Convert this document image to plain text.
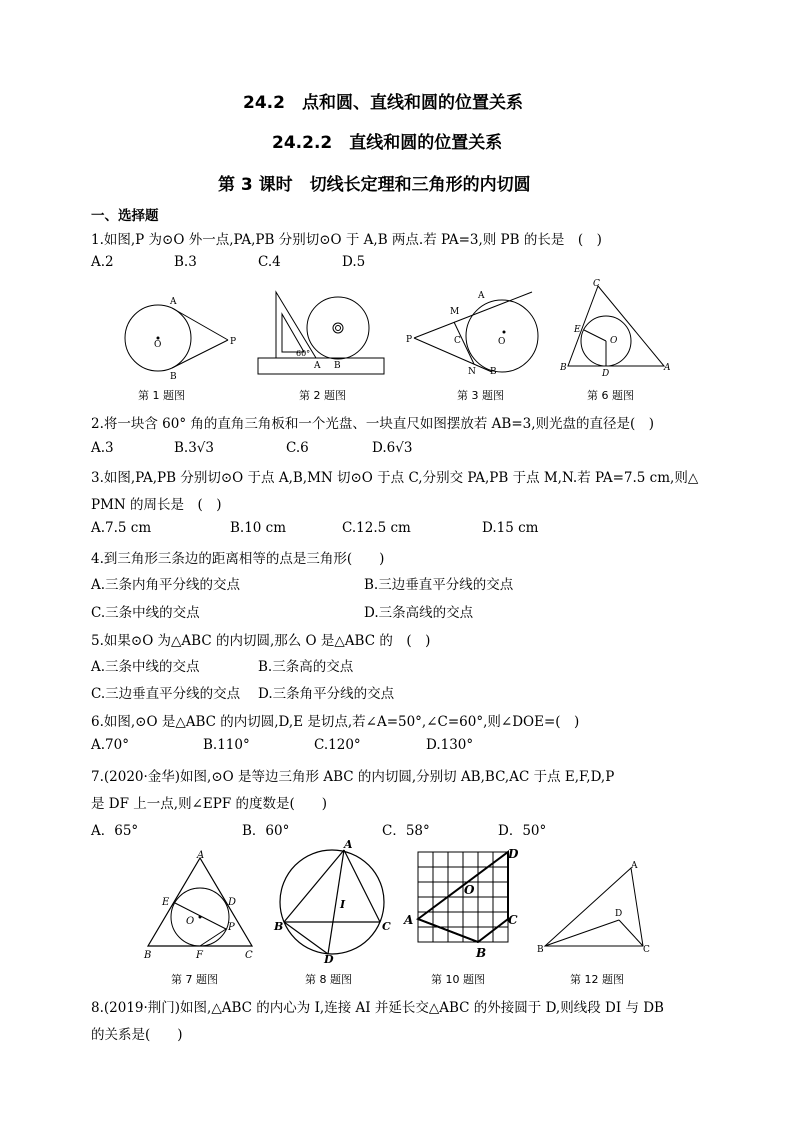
24.2　点和圆、直线和圆的位置关系
24.2.2　直线和圆的位置关系
第 3 课时　切线长定理和三角形的内切圆
一、选择题
1.如图,P 为⊙O 外一点,PA,PB 分别切⊙O 于 A,B 两点.若 PA=3,则 PB 的长是　(　)
A.2	B.3	C.4	D.5
A
O
B
P
60°
A B
A
M
P	C	O
N B
C
E
O
B
D
A
第 1 题图	第 2 题图	第 3 题图	第 6 题图
2.将一块含 60° 角的直角三角板和一个光盘、一块直尺如图摆放若 AB=3,则光盘的直径是(　)
A.3	B.3√3	C.6	D.6√3
3.如图,PA,PB 分别切⊙O 于点 A,B,MN 切⊙O 于点 C,分别交 PA,PB 于点 M,N.若 PA=7.5 cm,则△
PMN 的周长是　(　)
A.7.5 cm	B.10 cm	C.12.5 cm	D.15 cm
4.到三角形三条边的距离相等的点是三角形(　　)
A.三条内角平分线的交点	B.三边垂直平分线的交点
C.三条中线的交点	D.三条高线的交点
5.如果⊙O 为△ABC 的内切圆,那么 O 是△ABC 的　(　)
A.三条中线的交点	B.三条高的交点
C.三边垂直平分线的交点 D.三条角平分线的交点
6.如图,⊙O 是△ABC 的内切圆,D,E 是切点,若∠A=50°,∠C=60°,则∠DOE=(　)
A.70°	B.110°	C.120°	D.130°
7.(2020·金华)如图,⊙O 是等边三角形 ABC 的内切圆,分别切 AB,BC,AC 于点 E,F,D,P
是 DF 上一点,则∠EPF 的度数是(　　)
A．65°	B．60°	C．58°	D．50°
A
E	D
O
P
B	F	C
A
I
B	C
D
D
O
A	C
B
A
D
B	C
第 7 题图	第 8 题图	第 10 题图	第 12 题图
8.(2019·荆门)如图,△ABC 的内心为 I,连接 AI 并延长交△ABC 的外接圆于 D,则线段 DI 与 DB
的关系是(　　)
